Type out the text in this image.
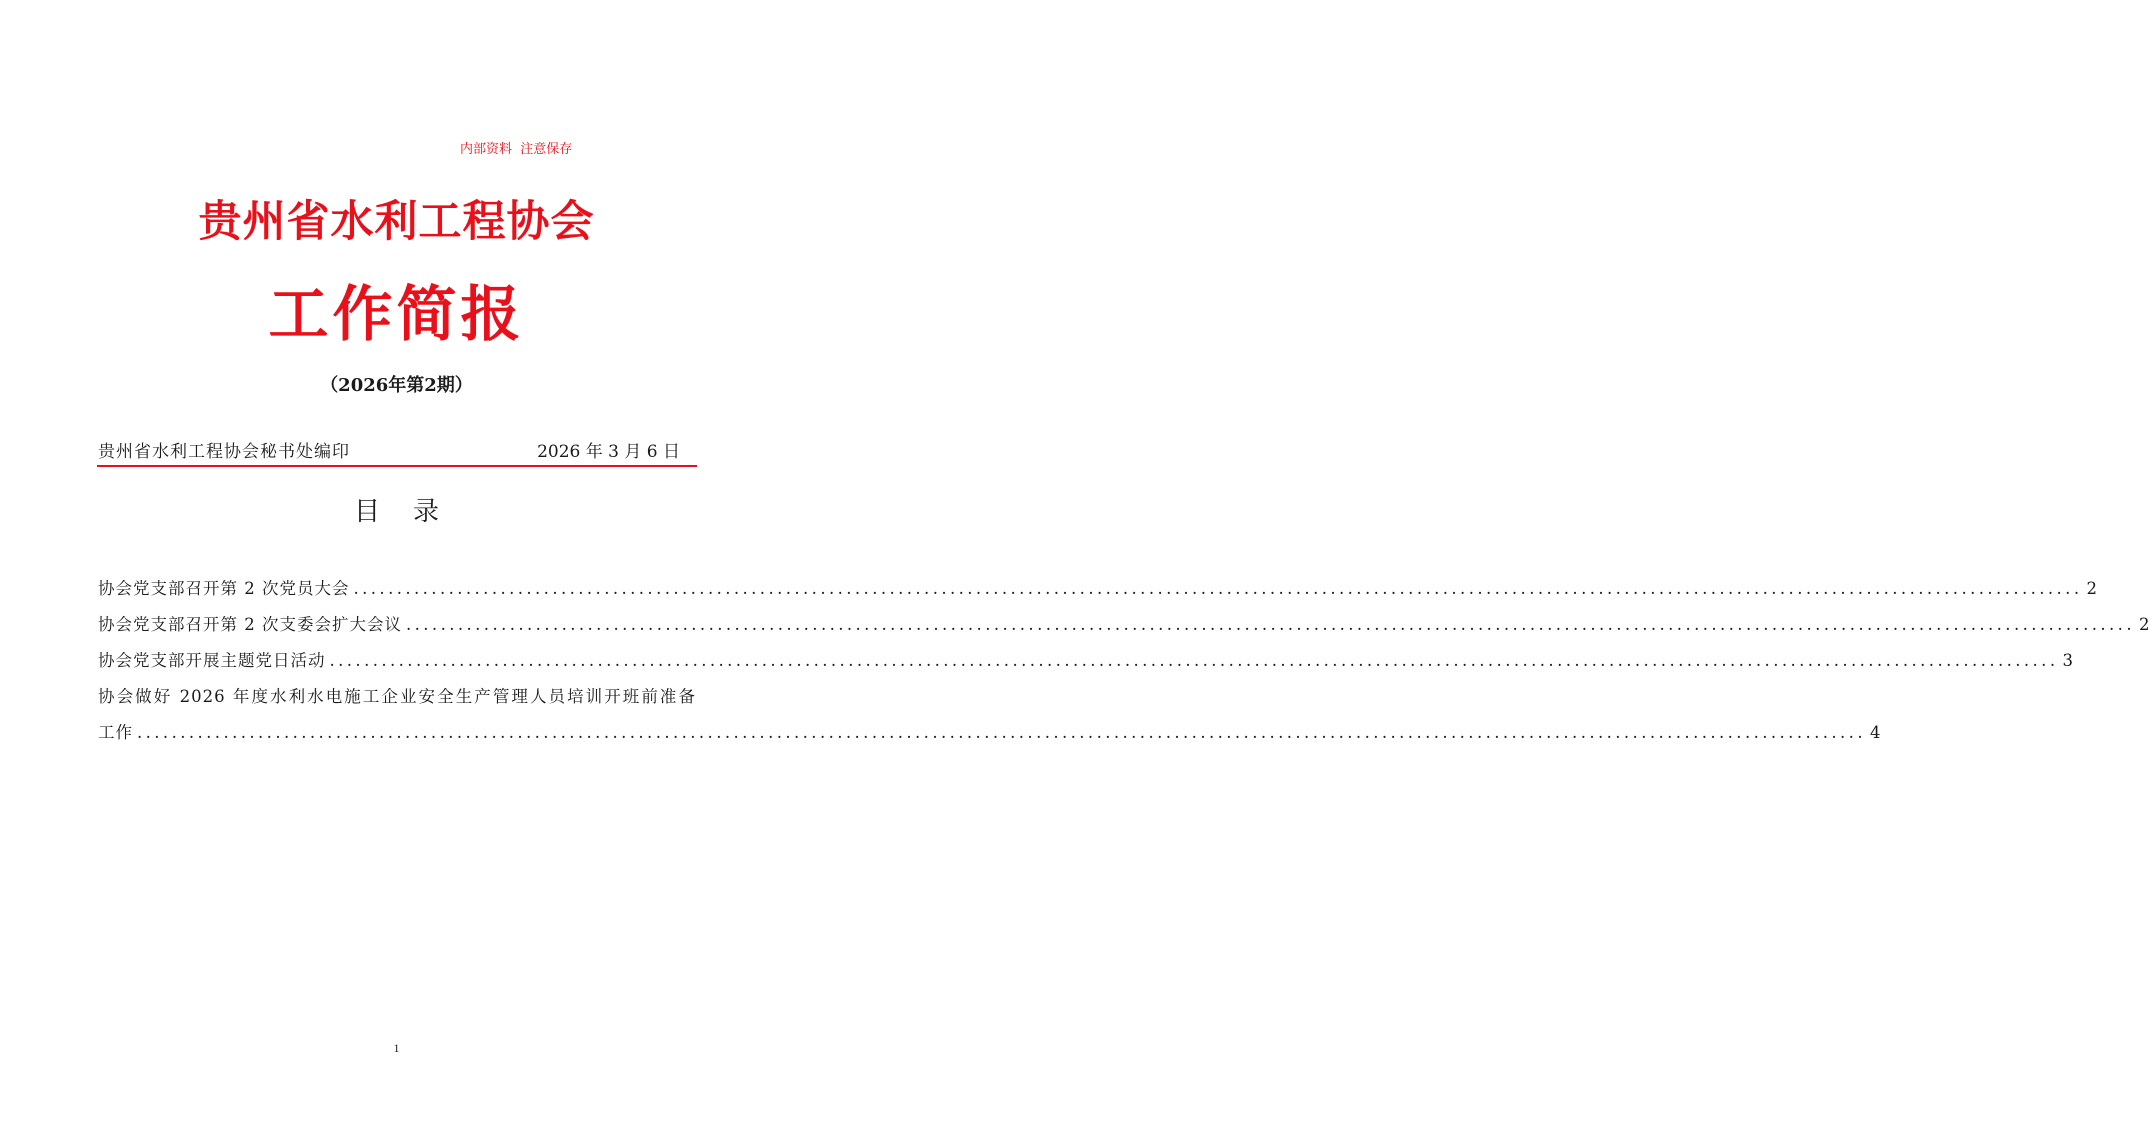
内部资料  注意保存
贵州省水利工程协会
工作简报
（2026年第2期）
贵州省水利工程协会秘书处编印	2026 年 3 月 6 日
目    录
协会党支部召开第 2 次党员大会 ........................................................................................................................................................................................................ 2
协会党支部召开第 2 次支委会扩大会议 ........................................................................................................................................................................................................ 2
协会党支部开展主题党日活动 ........................................................................................................................................................................................................ 3
协会做好 2026 年度水利水电施工企业安全生产管理人员培训开班前准备
工作 ........................................................................................................................................................................................................ 4
1
